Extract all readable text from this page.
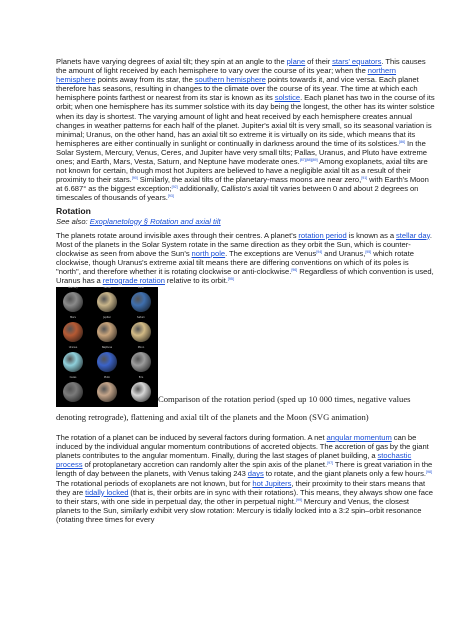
Planets have varying degrees of axial tilt; they spin at an angle to the plane of their stars' equators. This causes the amount of light received by each hemisphere to vary over the course of its year; when the northern hemisphere points away from its star, the southern hemisphere points towards it, and vice versa. Each planet therefore has seasons, resulting in changes to the climate over the course of its year. The time at which each hemisphere points farthest or nearest from its star is known as its solstice. Each planet has two in the course of its orbit; when one hemisphere has its summer solstice with its day being the longest, the other has its winter solstice when its day is shortest. The varying amount of light and heat received by each hemisphere creates annual changes in weather patterns for each half of the planet. Jupiter's axial tilt is very small, so its seasonal variation is minimal; Uranus, on the other hand, has an axial tilt so extreme it is virtually on its side, which means that its hemispheres are either continually in sunlight or continually in darkness around the time of its solstices.[86] In the Solar System, Mercury, Venus, Ceres, and Jupiter have very small tilts; Pallas, Uranus, and Pluto have extreme ones; and Earth, Mars, Vesta, Saturn, and Neptune have moderate ones.[87][88][89] Among exoplanets, axial tilts are not known for certain, though most hot Jupiters are believed to have a negligible axial tilt as a result of their proximity to their stars.[90] Similarly, the axial tilts of the planetary-mass moons are near zero,[91] with Earth's Moon at 6.687° as the biggest exception;[92] additionally, Callisto's axial tilt varies between 0 and about 2 degrees on timescales of thousands of years.[93]

Rotation
See also: Exoplanetology § Rotation and axial tilt

The planets rotate around invisible axes through their centres. A planet's rotation period is known as a stellar day. Most of the planets in the Solar System rotate in the same direction as they orbit the Sun, which is counter-clockwise as seen from above the Sun's north pole. The exceptions are Venus[94] and Uranus,[95] which rotate clockwise, though Uranus's extreme axial tilt means there are differing conventions on which of its poles is "north", and therefore whether it is rotating clockwise or anti-clockwise.[96] Regardless of which convention is used, Uranus has a retrograde rotation relative to its orbit.[95]

Mercury	Venus	Earth
Mars	Jupiter	Saturn
Uranus	Neptune	Moon
Ceres	Pluto	Eris
Comparison of the rotation period (sped up 10 000 times, negative values denoting retrograde), flattening and axial tilt of the planets and the Moon (SVG animation)

The rotation of a planet can be induced by several factors during formation. A net angular momentum can be induced by the individual angular momentum contributions of accreted objects. The accretion of gas by the giant planets contributes to the angular momentum. Finally, during the last stages of planet building, a stochastic process of protoplanetary accretion can randomly alter the spin axis of the planet.[97] There is great variation in the length of day between the planets, with Venus taking 243 days to rotate, and the giant planets only a few hours.[98] The rotational periods of exoplanets are not known, but for hot Jupiters, their proximity to their stars means that they are tidally locked (that is, their orbits are in sync with their rotations). This means, they always show one face to their stars, with one side in perpetual day, the other in perpetual night.[99] Mercury and Venus, the closest planets to the Sun, similarly exhibit very slow rotation: Mercury is tidally locked into a 3:2 spin–orbit resonance (rotating three times for every
